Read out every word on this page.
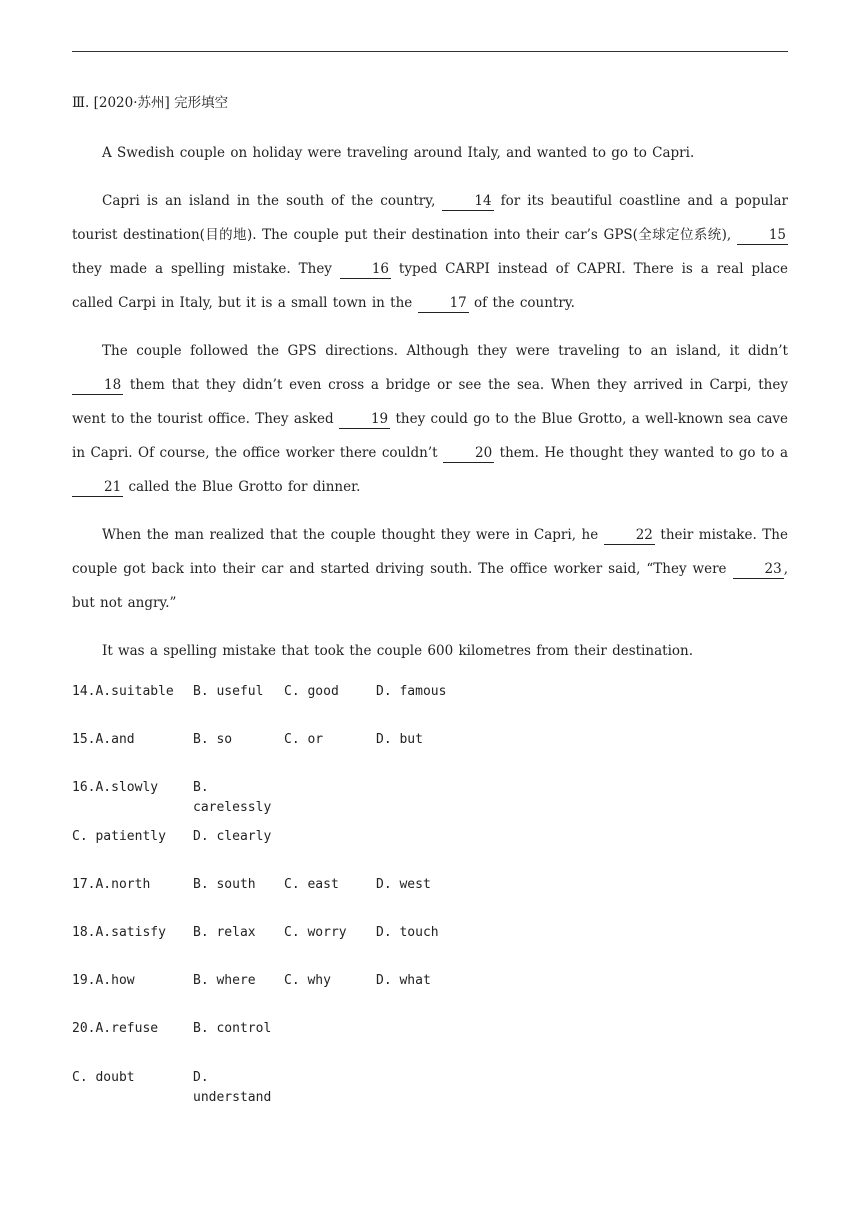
Ⅲ. [2020·苏州] 完形填空

A Swedish couple on holiday were traveling around Italy, and wanted to go to Capri.

Capri is an island in the south of the country, 14 for its beautiful coastline and a popular tourist destination(目的地). The couple put their destination into their car’s GPS(全球定位系统), 15 they made a spelling mistake. They 16 typed CARPI instead of CAPRI. There is a real place called Carpi in Italy, but it is a small town in the 17 of the country.

The couple followed the GPS directions. Although they were traveling to an island, it didn’t 18 them that they didn’t even cross a bridge or see the sea. When they arrived in Carpi, they went to the tourist office. They asked 19 they could go to the Blue Grotto, a well-known sea cave in Capri. Of course, the office worker there couldn’t 20 them. He thought they wanted to go to a 21 called the Blue Grotto for dinner.

When the man realized that the couple thought they were in Capri, he 22 their mistake. The couple got back into their car and started driving south. The office worker said, “They were 23 , but not angry.”

It was a spelling mistake that took the couple 600 kilometres from their destination.

14.A.suitable	B. useful	C. good	D. famous
15.A.and	B. so	C. or	D. but
16.A.slowly	B. carelessly
C. patiently	D. clearly
17.A.north	B. south	C. east	D. west
18.A.satisfy	B. relax	C. worry	D. touch
19.A.how	B. where	C. why	D. what
20.A.refuse	B. control
C. doubt	D. understand
